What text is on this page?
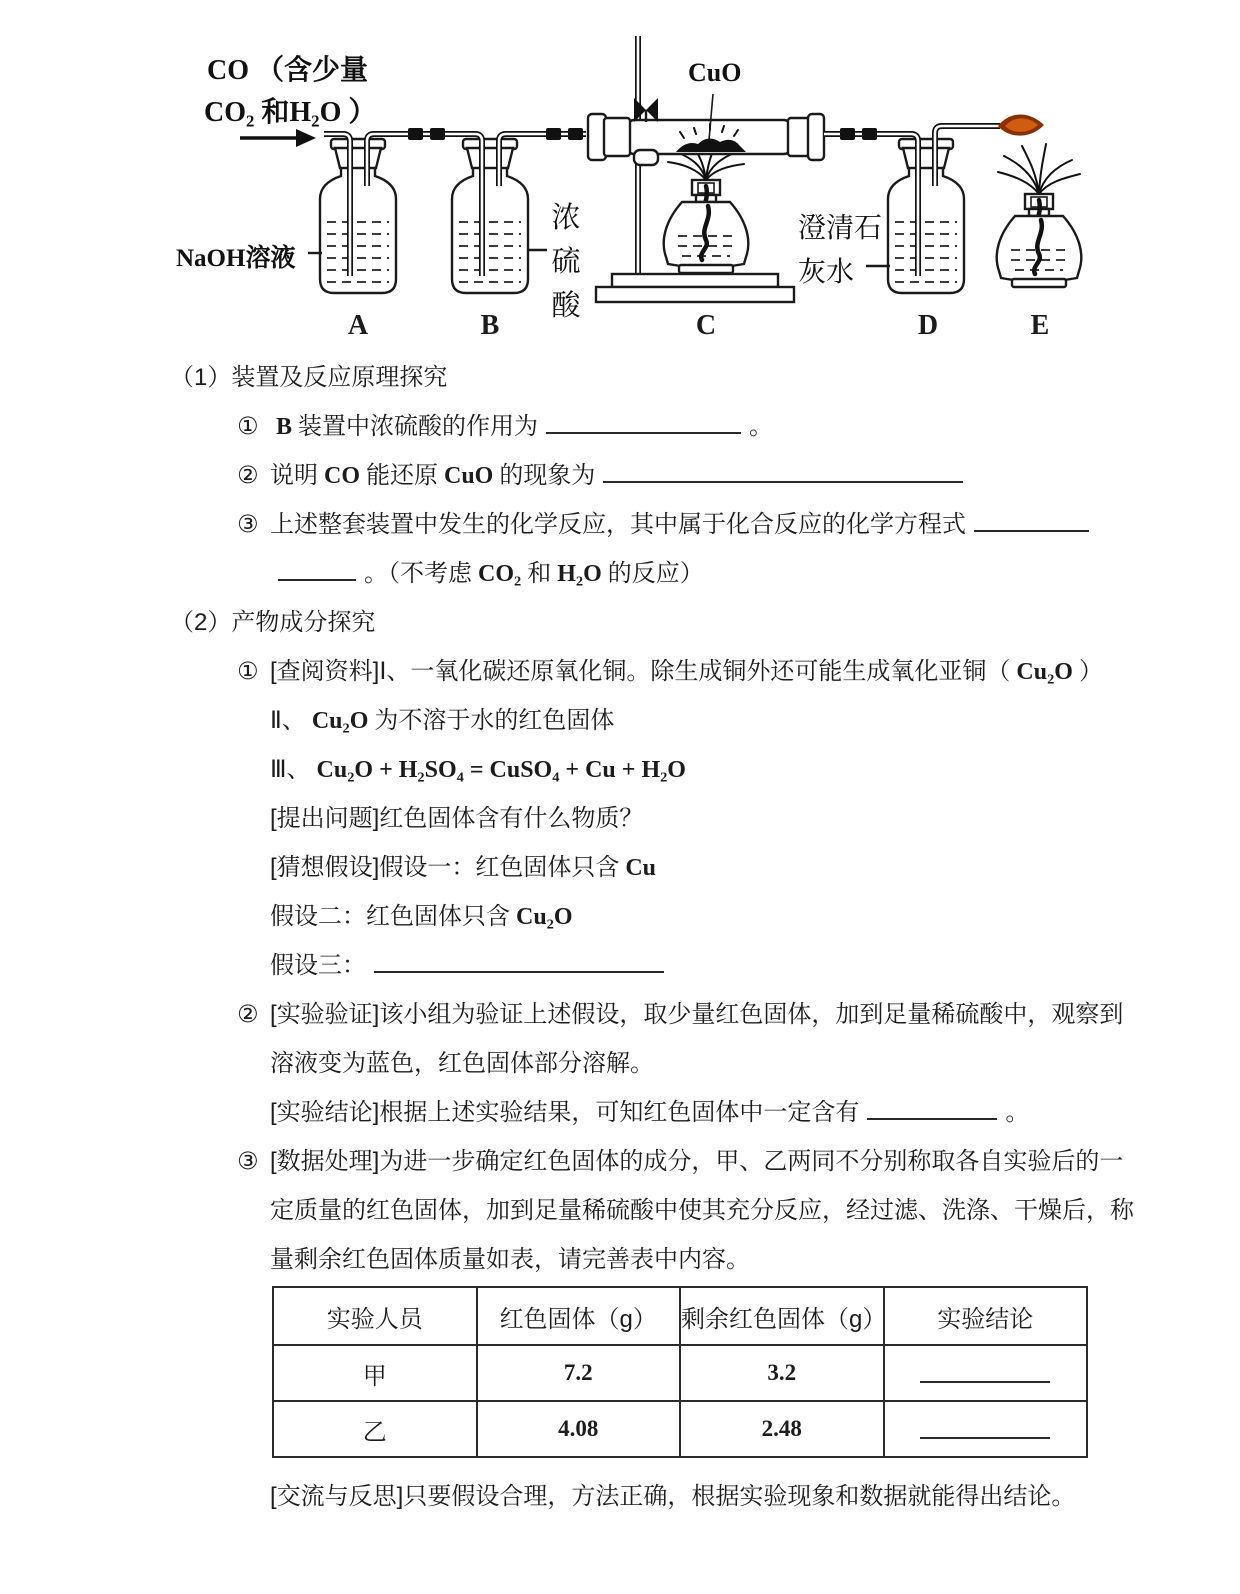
CO （含少量
CO₂ 和H₂O ）
NaOH溶液
浓硫酸
CuO
澄清石
灰水
A	B	C	D	E

（1）装置及反应原理探究

① B 装置中浓硫酸的作用为	。

② 说明 CO 能还原 CuO 的现象为

③ 上述整套装置中发生的化学反应，其中属于化合反应的化学方程式

。（不考虑 CO₂ 和 H₂O 的反应）

（2）产物成分探究

① [查阅资料]Ⅰ、一氧化碳还原氧化铜。除生成铜外还可能生成氧化亚铜（ Cu₂O ）

Ⅱ、 Cu₂O 为不溶于水的红色固体

Ⅲ、 Cu₂O + H₂SO₄ = CuSO₄ + Cu + H₂O

[提出问题]红色固体含有什么物质？

[猜想假设]假设一：红色固体只含 Cu

假设二：红色固体只含 Cu₂O

假设三：

② [实验验证]该小组为验证上述假设，取少量红色固体，加到足量稀硫酸中，观察到

溶液变为蓝色，红色固体部分溶解。

[实验结论]根据上述实验结果，可知红色固体中一定含有	。

③ [数据处理]为进一步确定红色固体的成分，甲、乙两同不分别称取各自实验后的一

定质量的红色固体，加到足量稀硫酸中使其充分反应，经过滤、洗涤、干燥后，称

量剩余红色固体质量如表，请完善表中内容。

实验人员	红色固体（g）	剩余红色固体（g）	实验结论
甲	7.2	3.2	
乙	4.08	2.48	

[交流与反思]只要假设合理，方法正确，根据实验现象和数据就能得出结论。
